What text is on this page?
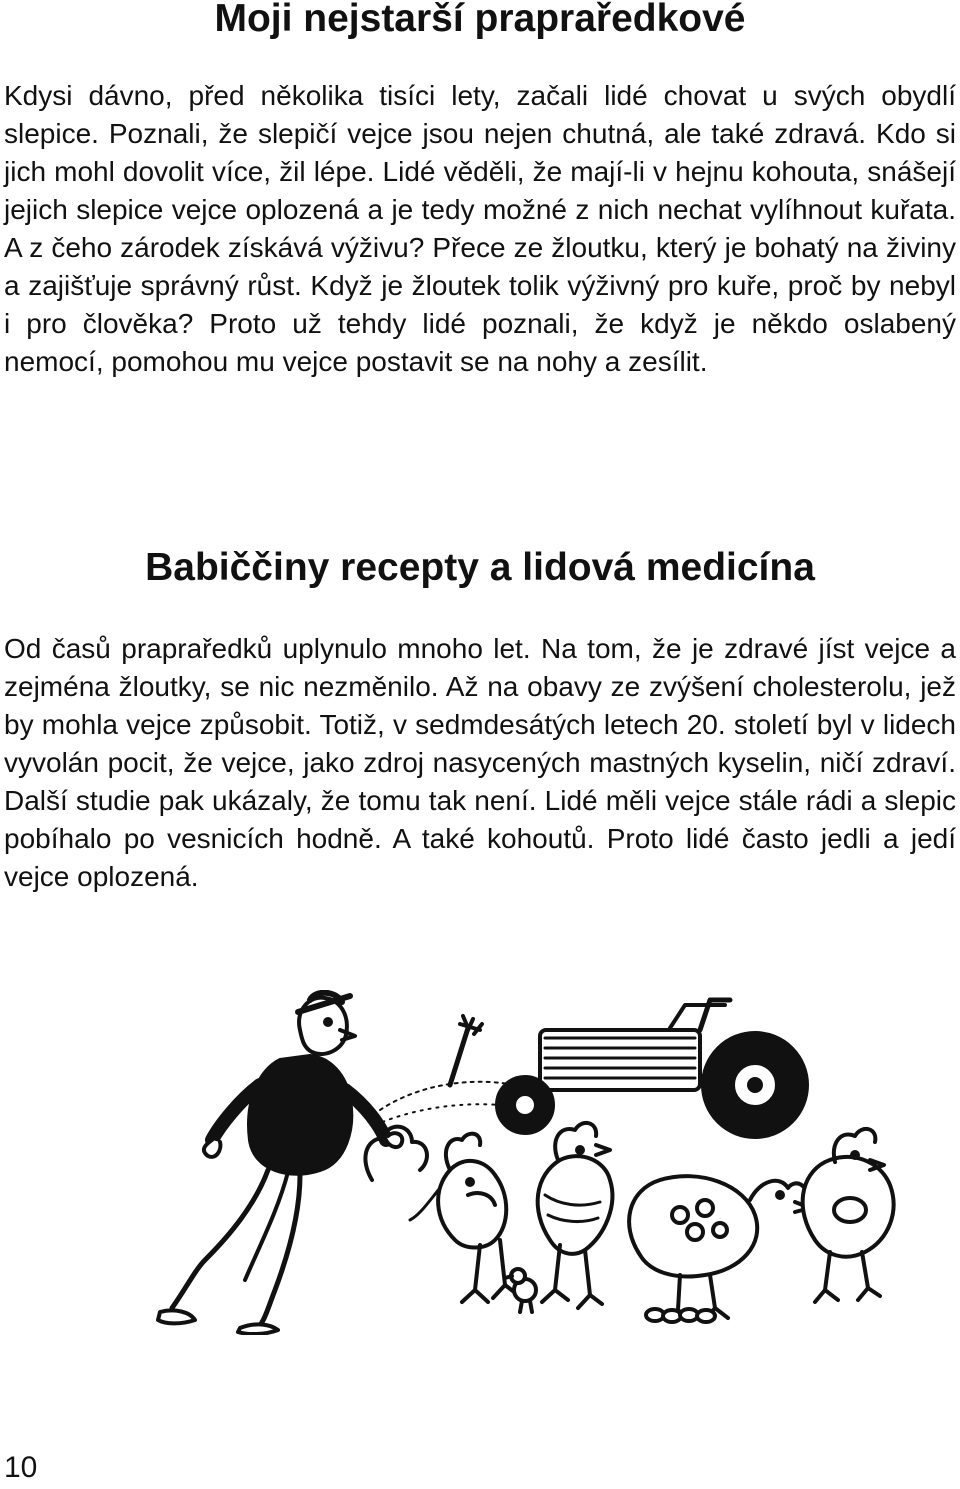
Moji nejstarší prapraředkové

Kdysi dávno, před několika tisíci lety, začali lidé chovat u svých obydlí slepice. Poznali, že slepičí vejce jsou nejen chutná, ale také zdravá. Kdo si jich mohl dovolit více, žil lépe. Lidé věděli, že mají-li v hejnu kohouta, snášejí jejich slepice vejce oplozená a je tedy možné z nich nechat vylíhnout kuřata. A z čeho zárodek získává výživu? Přece ze žloutku, který je bohatý na živiny a zajišťuje správný růst. Když je žloutek tolik výživný pro kuře, proč by nebyl i pro člověka? Proto už tehdy lidé poznali, že když je někdo oslabený nemocí, pomohou mu vejce postavit se na nohy a zesílit.

Babiččiny recepty a lidová medicína

Od časů prapraředků uplynulo mnoho let. Na tom, že je zdravé jíst vejce a zejména žloutky, se nic nezměnilo. Až na obavy ze zvýšení cholesterolu, jež by mohla vejce způsobit. Totiž, v sedmdesátých letech 20. století byl v lidech vyvolán pocit, že vejce, jako zdroj nasycených mastných kyselin, ničí zdraví. Další studie pak ukázaly, že tomu tak není. Lidé měli vejce stále rádi a slepic pobíhalo po vesnicích hodně. A také kohoutů. Proto lidé často jedli a jedí vejce oplozená.

10
